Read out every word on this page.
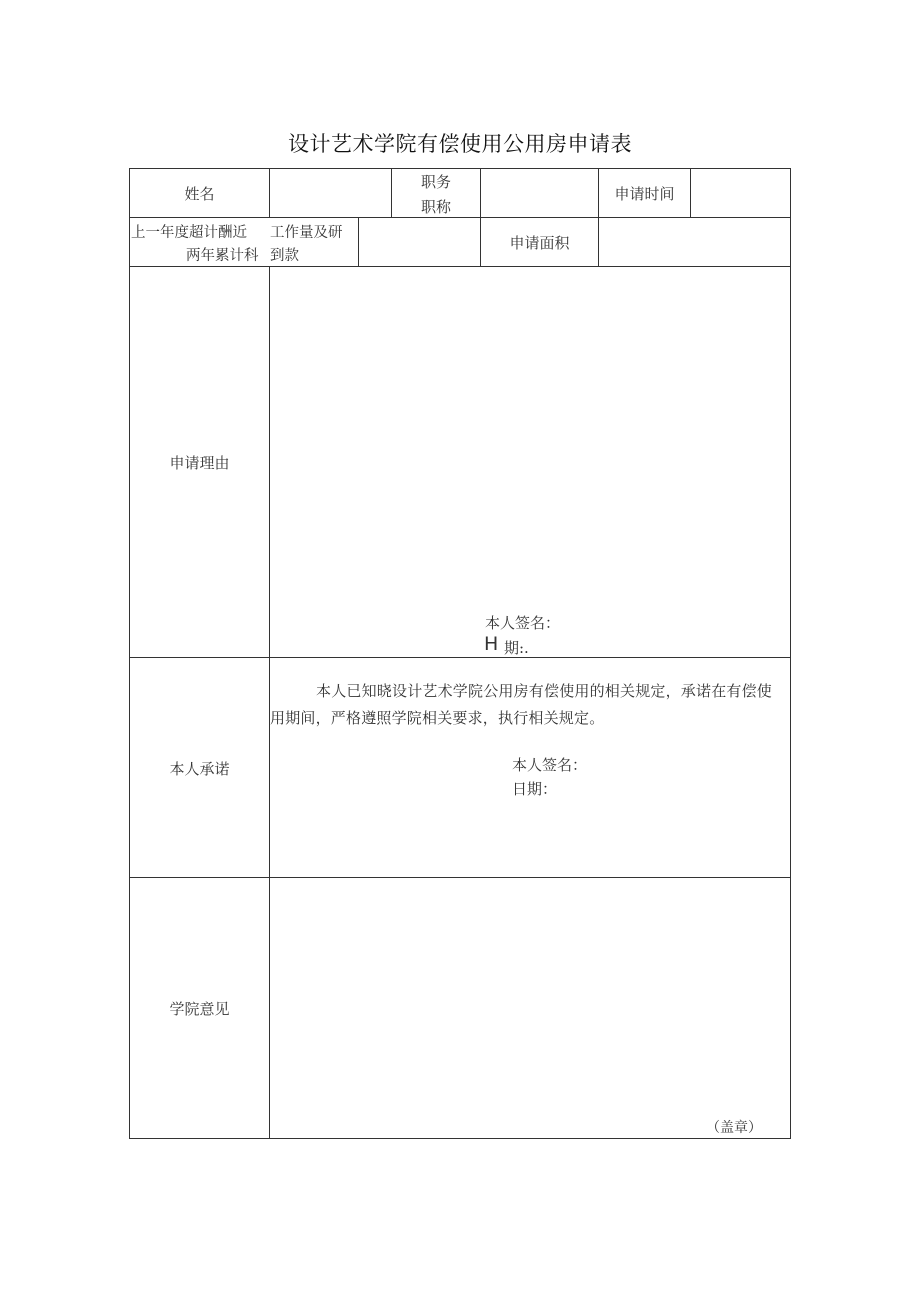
设计艺术学院有偿使用公用房申请表
姓名
职务
职称
申请时间
上一年度超计酬近
两年累计科
工作量及研
到款
申请面积
申请理由
本人签名：
H 期:.
本人承诺
本人已知晓设计艺术学院公用房有偿使用的相关规定，承诺在有偿使用期间，严格遵照学院相关要求，执行相关规定。
本人签名：
日期：
学院意见
（盖章）
